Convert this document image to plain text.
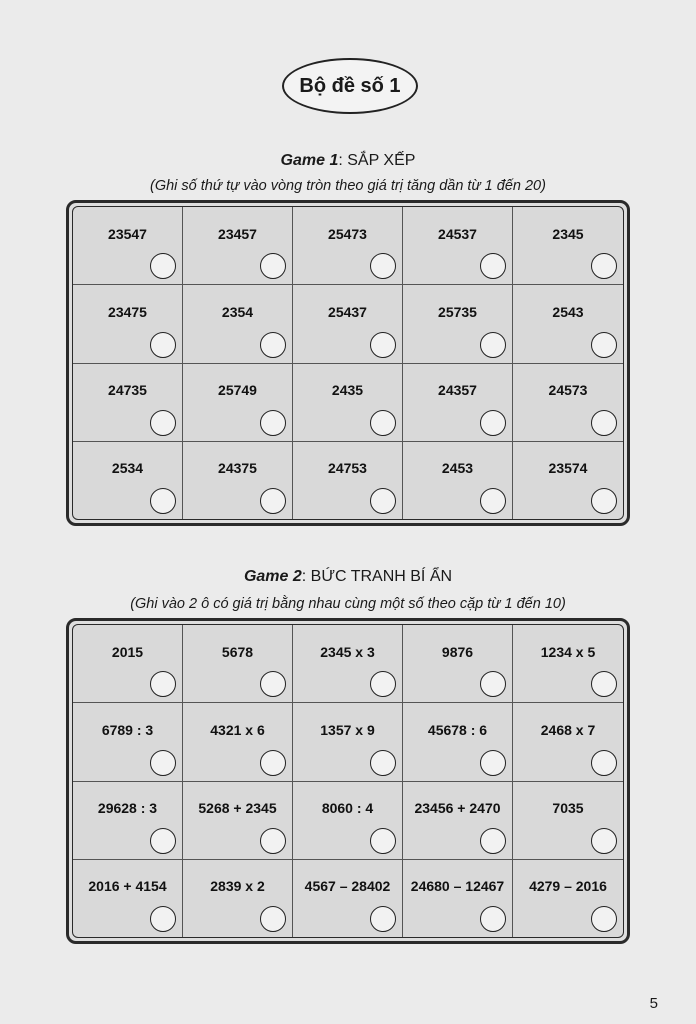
Bộ đề số 1
Game 1: SẮP XẾP
(Ghi số thứ tự vào vòng tròn theo giá trị tăng dần từ 1 đến 20)
23547	23457	25473	24537	2345
23475	2354	25437	25735	2543
24735	25749	2435	24357	24573
2534	24375	24753	2453	23574
Game 2: BỨC TRANH BÍ ẨN
(Ghi vào 2 ô có giá trị bằng nhau cùng một số theo cặp từ 1 đến 10)
2015	5678	2345 x 3	9876	1234 x 5
6789 : 3	4321 x 6	1357 x 9	45678 : 6	2468 x 7
29628 : 3	5268 + 2345	8060 : 4	23456 + 2470	7035
2016 + 4154	2839 x 2	4567 – 28402	24680 – 12467	4279 – 2016
5
